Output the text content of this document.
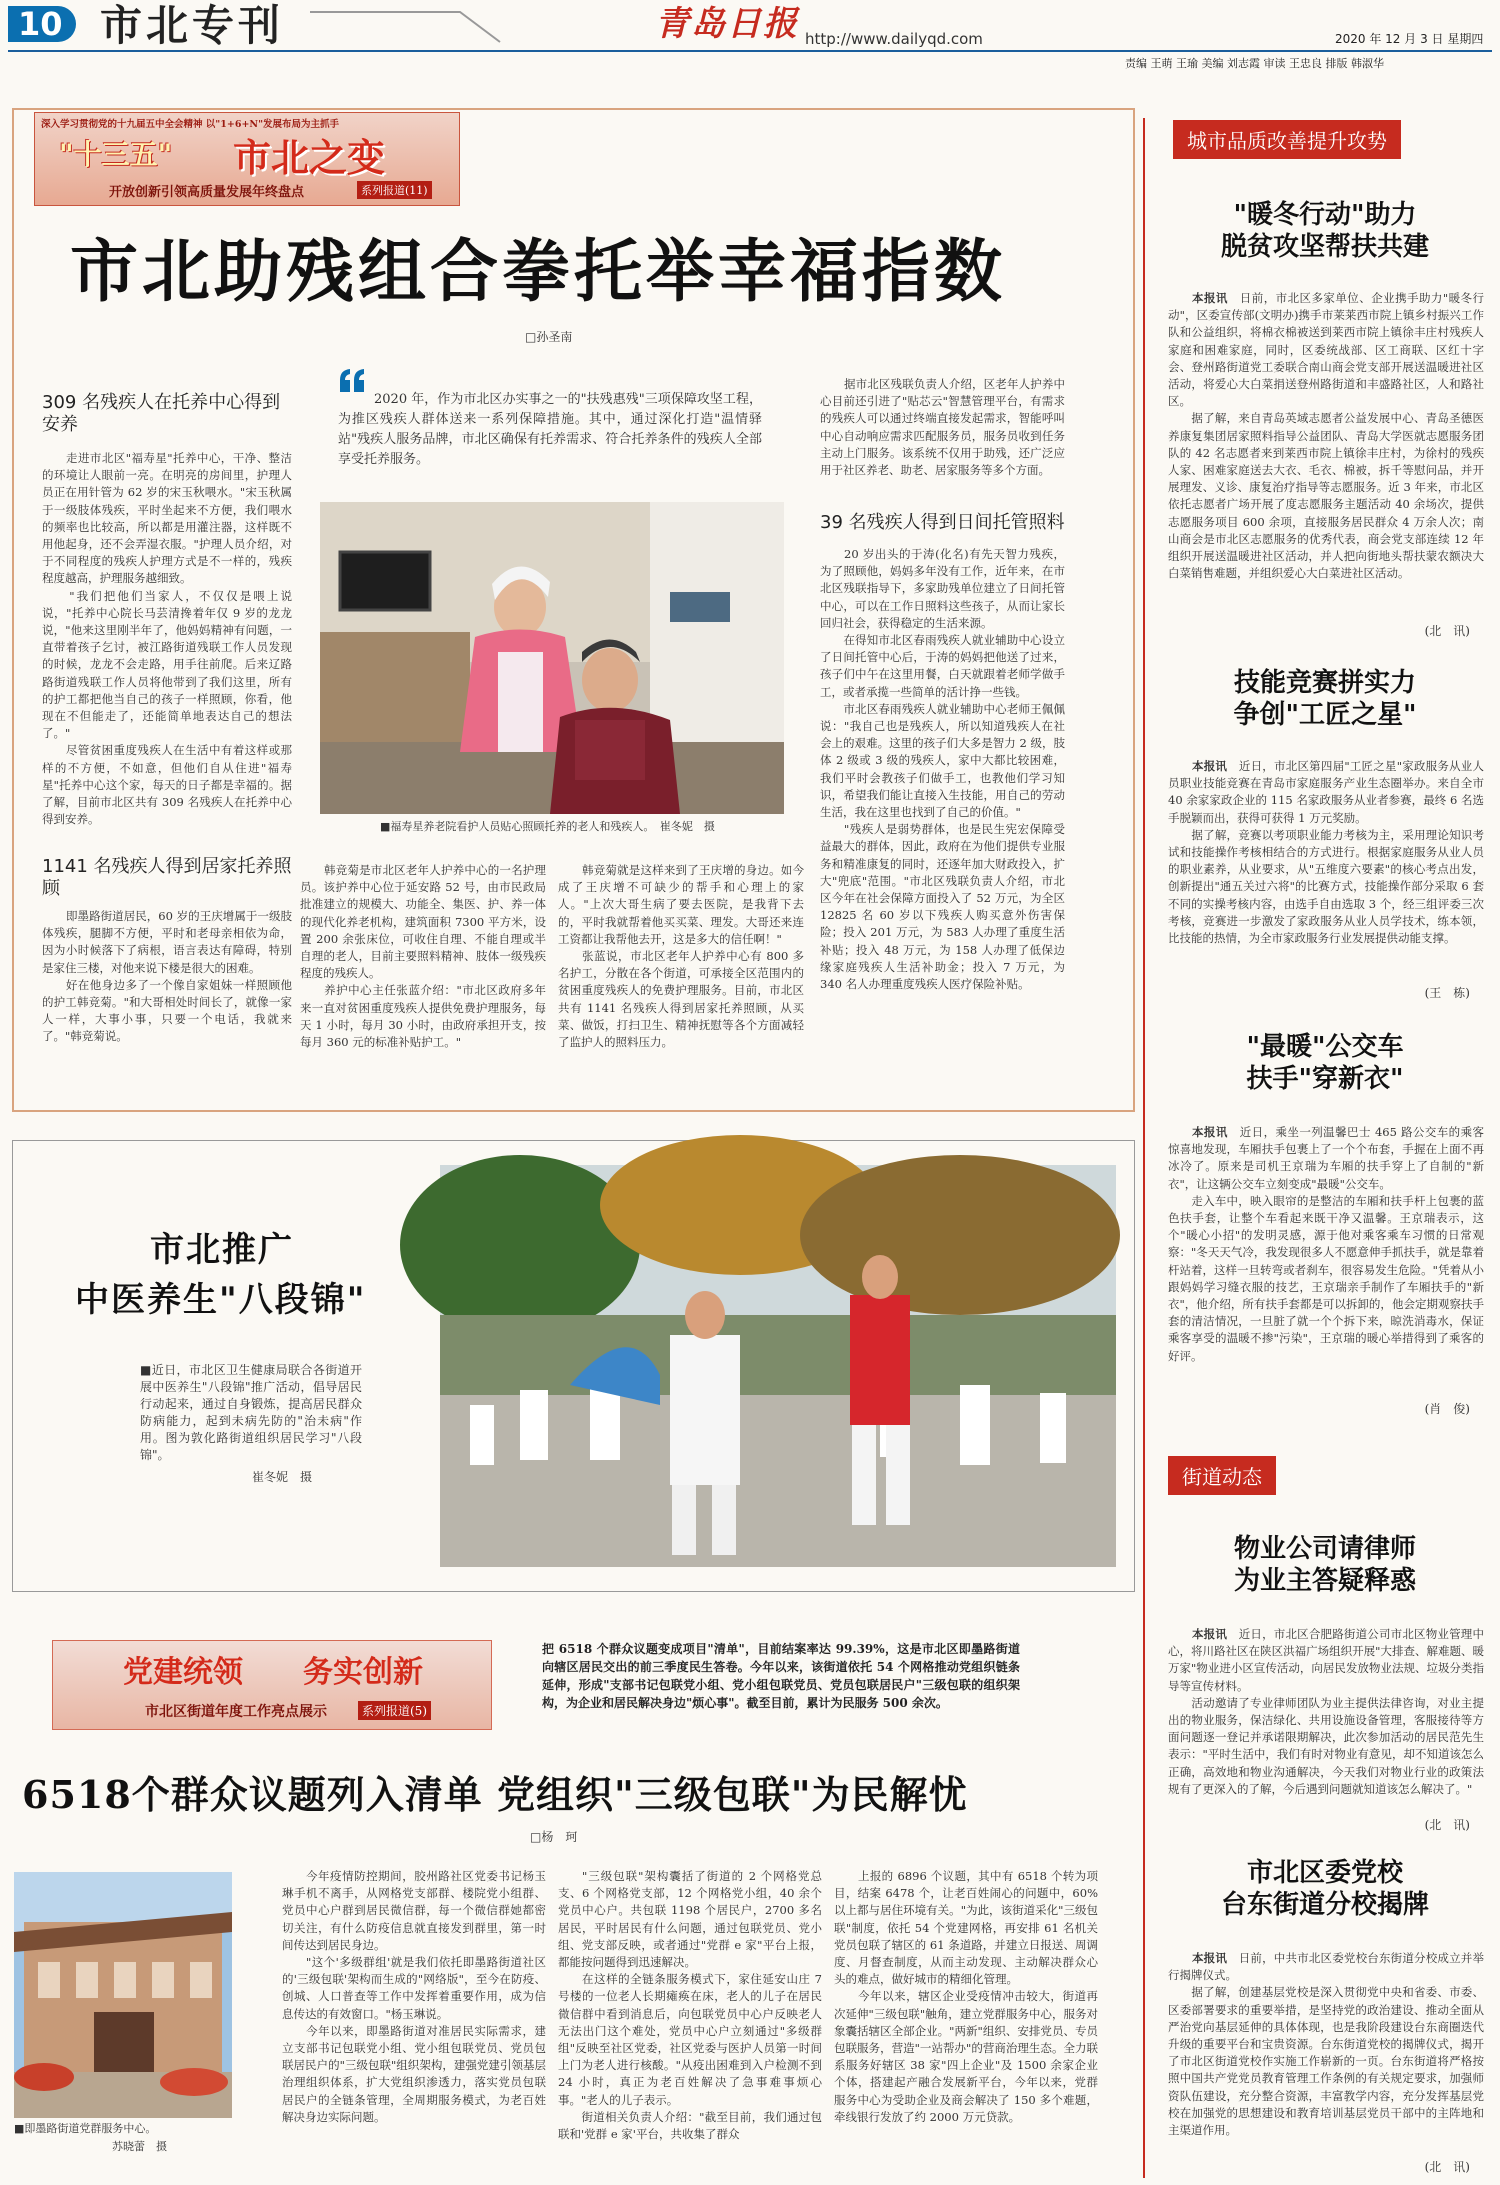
10 市北专刊	青岛日报 http://www.dailyqd.com	2020 年 12 月 3 日 星期四
责编 王萌 王瑜 美编 刘志霞 审读 王忠良 排版 韩淑华
深入学习贯彻党的十九届五中全会精神 以"1+6+N"发展布局为主抓手
"十三五" 市北之变
开放创新引领高质量发展年终盘点	系列报道(11)
市北助残组合拳托举幸福指数
□孙圣南
2020 年，作为市北区办实事之一的"扶残惠残"三项保障攻坚工程，为推区残疾人群体送来一系列保障措施。其中，通过深化打造"温情驿站"残疾人服务品牌，市北区确保有托养需求、符合托养条件的残疾人全部享受托养服务。
309 名残疾人在托养中心得到安养

走进市北区"福寿星"托养中心，干净、整洁的环境让人眼前一亮。在明亮的房间里，护理人员正在用针管为 62 岁的宋玉秋喂水。"宋玉秋属于一级肢体残疾，平时坐起来不方便，我们喂水的频率也比较高，所以都是用灌注器，这样既不用他起身，还不会弄湿衣服。"护理人员介绍，对于不同程度的残疾人护理方式是不一样的，残疾程度越高，护理服务越细致。
　　"我们把他们当家人，不仅仅是喂上说说，"托养中心院长马芸清搀着年仅 9 岁的龙龙说，"他来这里刚半年了，他妈妈精神有问题，一直带着孩子乞讨，被江路街道残联工作人员发现的时候，龙龙不会走路，用手往前爬。后来辽路路街道残联工作人员将他带到了我们这里，所有的护工都把他当自己的孩子一样照顾，你看，他现在不但能走了，还能简单地表达自己的想法了。"
　　尽管贫困重度残疾人在生活中有着这样或那样的不方便，不如意，但他们自从住进"福寿星"托养中心这个家，每天的日子都是幸福的。据了解，目前市北区共有 309 名残疾人在托养中心得到安养。

■福寿星养老院看护人员贴心照顾托养的老人和残疾人。　崔冬妮　摄

据市北区残联负责人介绍，区老年人护养中心目前还引进了"贴芯云"智慧管理平台，有需求的残疾人可以通过终端直接发起需求，智能呼叫中心自动响应需求匹配服务员，服务员收到任务主动上门服务。该系统不仅用于助残，还广泛应用于社区养老、助老、居家服务等多个方面。

39 名残疾人得到日间托管照料

20 岁出头的于涛(化名)有先天智力残疾，为了照顾他，妈妈多年没有工作，近年来，在市北区残联指导下，多家助残单位建立了日间托管中心，可以在工作日照料这些孩子，从而让家长回归社会，获得稳定的生活来源。
　　在得知市北区春雨残疾人就业辅助中心设立了日间托管中心后，于涛的妈妈把他送了过来，孩子们中午在这里用餐，白天就跟着老师学做手工，或者承揽一些简单的活计挣一些钱。
　　市北区春雨残疾人就业辅助中心老师王佩佩说："我自己也是残疾人，所以知道残疾人在社会上的艰难。这里的孩子们大多是智力 2 级，肢体 2 级或 3 级的残疾人，家中大都比较困难，我们平时会教孩子们做手工，也教他们学习知识，希望我们能让直接入生技能，用自己的劳动生活，我在这里也找到了自己的价值。"
　　"残疾人是弱势群体，也是民生宪宏保障受益最大的群体，因此，政府在为他们提供专业服务和精准康复的同时，还逐年加大财政投入，扩大"兜底"范围。"市北区残联负责人介绍，市北区今年在社会保障方面投入了 52 万元，为全区 12825 名 60 岁以下残疾人购买意外伤害保险；投入 201 万元，为 583 人办理了重度生活补贴；投入 48 万元，为 158 人办理了低保边缘家庭残疾人生活补助金；投入 7 万元，为 340 名人办理重度残疾人医疗保险补贴。

1141 名残疾人得到居家托养照顾

即墨路街道居民，60 岁的王庆增属于一级肢体残疾，腿脚不方便，平时和老母亲相依为命，因为小时候落下了病根，语言表达有障碍，特别是家住三楼，对他来说下楼是很大的困难。
　　好在他身边多了一个像自家姐妹一样照顾他的护工韩竞菊。"和大哥相处时间长了，就像一家人一样，大事小事，只要一个电话，我就来了。"韩竞菊说。

韩竞菊是市北区老年人护养中心的一名护理员。该护养中心位于延安路 52 号，由市民政局批准建立的规模大、功能全、集医、护、养一体的现代化养老机构，建筑面积 7300 平方米，设置 200 余张床位，可收住自理、不能自理或半自理的老人，目前主要照料精神、肢体一级残疾程度的残疾人。
　　养护中心主任张蓝介绍："市北区政府多年来一直对贫困重度残疾人提供免费护理服务，每天 1 小时，每月 30 小时，由政府承担开支，按每月 360 元的标准补贴护工。"

韩竞菊就是这样来到了王庆增的身边。如今成了王庆增不可缺少的帮手和心理上的家人。"上次大哥生病了要去医院，是我背下去的，平时我就帮着他买买菜、理发。大哥还来连工资都让我帮他去开，这是多大的信任啊！"
　　张蓝说，市北区老年人护养中心有 800 多名护工，分散在各个街道，可承接全区范围内的贫困重度残疾人的免费护理服务。目前，市北区共有 1141 名残疾人得到居家托养照顾，从买菜、做饭，打扫卫生、精神抚慰等各个方面减轻了监护人的照料压力。

市北推广
中医养生"八段锦"
■近日，市北区卫生健康局联合各街道开展中医养生"八段锦"推广活动，倡导居民行动起来，通过自身锻炼，提高居民群众防病能力，起到未病先防的"治未病"作用。图为敦化路街道组织居民学习"八段锦"。
崔冬妮　摄
党建统领 务实创新
市北区街道年度工作亮点展示	系列报道(5)
把 6518 个群众议题变成项目"清单"，目前结案率达 99.39%，这是市北区即墨路街道向辖区居民交出的前三季度民生答卷。今年以来，该街道依托 54 个网格推动党组织链条延伸，形成"支部书记包联党小组、党小组包联党员、党员包联居民户"三级包联的组织架构，为企业和居民解决身边"烦心事"。截至目前，累计为民服务 500 余次。
6518个群众议题列入清单 党组织"三级包联"为民解忧
□杨　珂
■即墨路街道党群服务中心。
苏晓蕾　摄

今年疫情防控期间，胶州路社区党委书记杨玉琳手机不离手，从网格党支部群、楼院党小组群、党员中心户群到居民微信群，每一个微信群她都密切关注，有什么防疫信息就直接发到群里，第一时间传达到居民身边。
　　"这个'多级群组'就是我们依托即墨路街道社区的'三级包联'架构而生成的"网络版"，至今在防疫、创城、人口普查等工作中发挥着重要作用，成为信息传达的有效窗口。"杨玉琳说。
　　今年以来，即墨路街道对准居民实际需求，建立支部书记包联党小组、党小组包联党员、党员包联居民户的"三级包联"组织架构，建强党建引领基层治理组织体系，扩大党组织渗透力，落实党员包联居民户的全链条管理，全周期服务模式，为老百姓解决身边实际问题。

"三级包联"架构囊括了街道的 2 个网格党总支、6 个网格党支部，12 个网格党小组，40 余个党员中心户。共包联 1198 个居民户，2700 多名居民，平时居民有什么问题，通过包联党员、党小组、党支部反映，或者通过"党群 e 家"平台上报，都能按问题得到迅速解决。
　　在这样的全链条服务模式下，家住延安山庄 7 号楼的一位老人长期瘫痪在床，老人的儿子在居民微信群中看到消息后，向包联党员中心户反映老人无法出门这个难处，党员中心户立刻通过"多级群组"反映至社区党委，社区党委与医护人员第一时间上门为老人进行核酸。"从疫出困难到入户检测不到 24 小时，真正为老百姓解决了急事难事烦心事。"老人的儿子表示。
　　街道相关负责人介绍："截至目前，我们通过包联和'党群 e 家'平台，共收集了群众

上报的 6896 个议题，其中有 6518 个转为项目，结案 6478 个，让老百姓闹心的问题中，60%以上都与居住环境有关。"为此，该街道采化"三级包联"制度，依托 54 个党建网格，再安排 61 名机关党员包联了辖区的 61 条道路，并建立日报送、周调度、月督查制度，从而主动发现、主动解决群众心头的难点，做好城市的精细化管理。
　　今年以来，辖区企业受疫情冲击较大，街道再次延伸"三级包联"触角，建立党群服务中心，服务对象囊括辖区全部企业。"两新"组织、安排党员、专员包联服务，营造"一站帮办"的营商治理生态。全力联系服务好辖区 38 家"四上企业"及 1500 余家企业个体，搭建起产融合发展新平台，今年以来，党群服务中心为受助企业及商会解决了 150 多个难题，牵线银行发放了约 2000 万元贷款。

城市品质改善提升攻势
"暖冬行动"助力
脱贫攻坚帮扶共建
本报讯　 日前，市北区多家单位、企业携手助力"暖冬行动"，区委宣传部(文明办)携手市莱莱西市院上镇乡村振兴工作队和公益组织，将棉衣棉被送到莱西市院上镇徐丰庄村残疾人家庭和困难家庭，同时，区委统战部、区工商联、区红十字会、登州路街道党工委联合南山商会党支部开展送温暖进社区活动，将爱心大白菜捐送登州路街道和丰盛路社区，人和路社区。
　　据了解，来自青岛英域志愿者公益发展中心、青岛圣德医养康复集团居家照料指导公益团队、青岛大学医就志愿服务团队的 42 名志愿者来到莱西市院上镇徐丰庄村，为徐村的残疾人家、困难家庭送去大衣、毛衣、棉被，拆千等慰问品，并开展理发、义诊、康复治疗指导等志愿服务。近 3 年来，市北区依托志愿者广场开展了度志愿服务主题活动 40 余场次，提供志愿服务项目 600 余项，直接服务居民群众 4 万余人次；南山商会是市北区志愿服务的优秀代表，商会党支部连续 12 年组织开展送温暖进社区活动，并人把向街地头帮扶蒙农额决大白菜销售难题，并组织爱心大白菜进社区活动。
(北　讯)
技能竞赛拼实力
争创"工匠之星"
本报讯　 近日，市北区第四届"工匠之星"家政服务从业人员职业技能竞赛在青岛市家庭服务产业生态圈举办。来自全市 40 余家家政企业的 115 名家政服务从业者参赛，最终 6 名选手脱颖而出，获得可获得 1 万元奖励。
　　据了解，竞赛以考项职业能力考核为主，采用理论知识考试和技能操作考核相结合的方式进行。根据家庭服务从业人员的职业素养，从业要求，从"五维度六要素"的核心考点出发，创新提出"通五关过六将"的比赛方式，技能操作部分采取 6 套不同的实操考核内容，由选手自由选取 3 个，经三组评委三次考核，竞赛进一步激发了家政服务从业人员学技术，练本领，比技能的热情，为全市家政服务行业发展提供动能支撑。
(王　栋)
"最暖"公交车
扶手"穿新衣"
本报讯　 近日，乘坐一列温馨巴士 465 路公交车的乘客惊喜地发现，车厢扶手包裹上了一个个布套，手握在上面不再冰冷了。原来是司机王京瑞为车厢的扶手穿上了自制的"新衣"，让这辆公交车立刻变成"最暖"公交车。
　　走入车中，映入眼帘的是整洁的车厢和扶手杆上包裹的蓝色扶手套，让整个车看起来既干净又温馨。王京瑞表示，这个"暖心小招"的发明灵感，源于他对乘客乘车习惯的日常观察："冬天天气冷，我发现很多人不愿意伸手抓扶手，就是靠着杆站着，这样一旦转弯或者刹车，很容易发生危险。"凭着从小跟妈妈学习缝衣服的技艺，王京瑞亲手制作了车厢扶手的"新衣"，他介绍，所有扶手套都是可以拆卸的，他会定期观察扶手套的清洁情况，一旦脏了就一个个拆下来，晾洗消毒水，保证乘客享受的温暖不掺"污染"，王京瑞的暖心举措得到了乘客的好评。
(肖　俊)
街道动态
物业公司请律师
为业主答疑释惑
本报讯　 近日，市北区合肥路街道公司市北区物业管理中心，将川路社区在陕区洪福广场组织开展"大排查、解难题、暖万家"物业进小区宣传活动，向居民发放物业法规、垃圾分类指导等宣传材料。
　　活动邀请了专业律师团队为业主提供法律咨询，对业主提出的物业服务，保洁绿化、共用设施设备管理，客服接待等方面问题逐一登记并承诺限期解决，此次参加活动的居民范先生表示："平时生活中，我们有时对物业有意见，却不知道该怎么正确，高效地和物业沟通解决，今天我们对物业行业的政策法规有了更深入的了解，今后遇到问题就知道该怎么解决了。"
(北　讯)
市北区委党校
台东街道分校揭牌
本报讯　 日前，中共市北区委党校台东街道分校成立并举行揭牌仪式。
　　据了解，创建基层党校是深入贯彻党中央和省委、市委、区委部署要求的重要举措，是坚持党的政治建设、推动全面从严治党向基层延伸的具体体现，也是我阶段建设台东商圈迭代升级的重要平台和宝贵资源。台东街道党校的揭牌仪式，揭开了市北区街道党校作实施工作崭新的一页。台东街道将严格按照中国共产党党员教育管理工作条例的有关规定要求，加强师资队伍建设，充分整合资源，丰富教学内容，充分发挥基层党校在加强党的思想建设和教育培训基层党员干部中的主阵地和主渠道作用。
(北　讯)
